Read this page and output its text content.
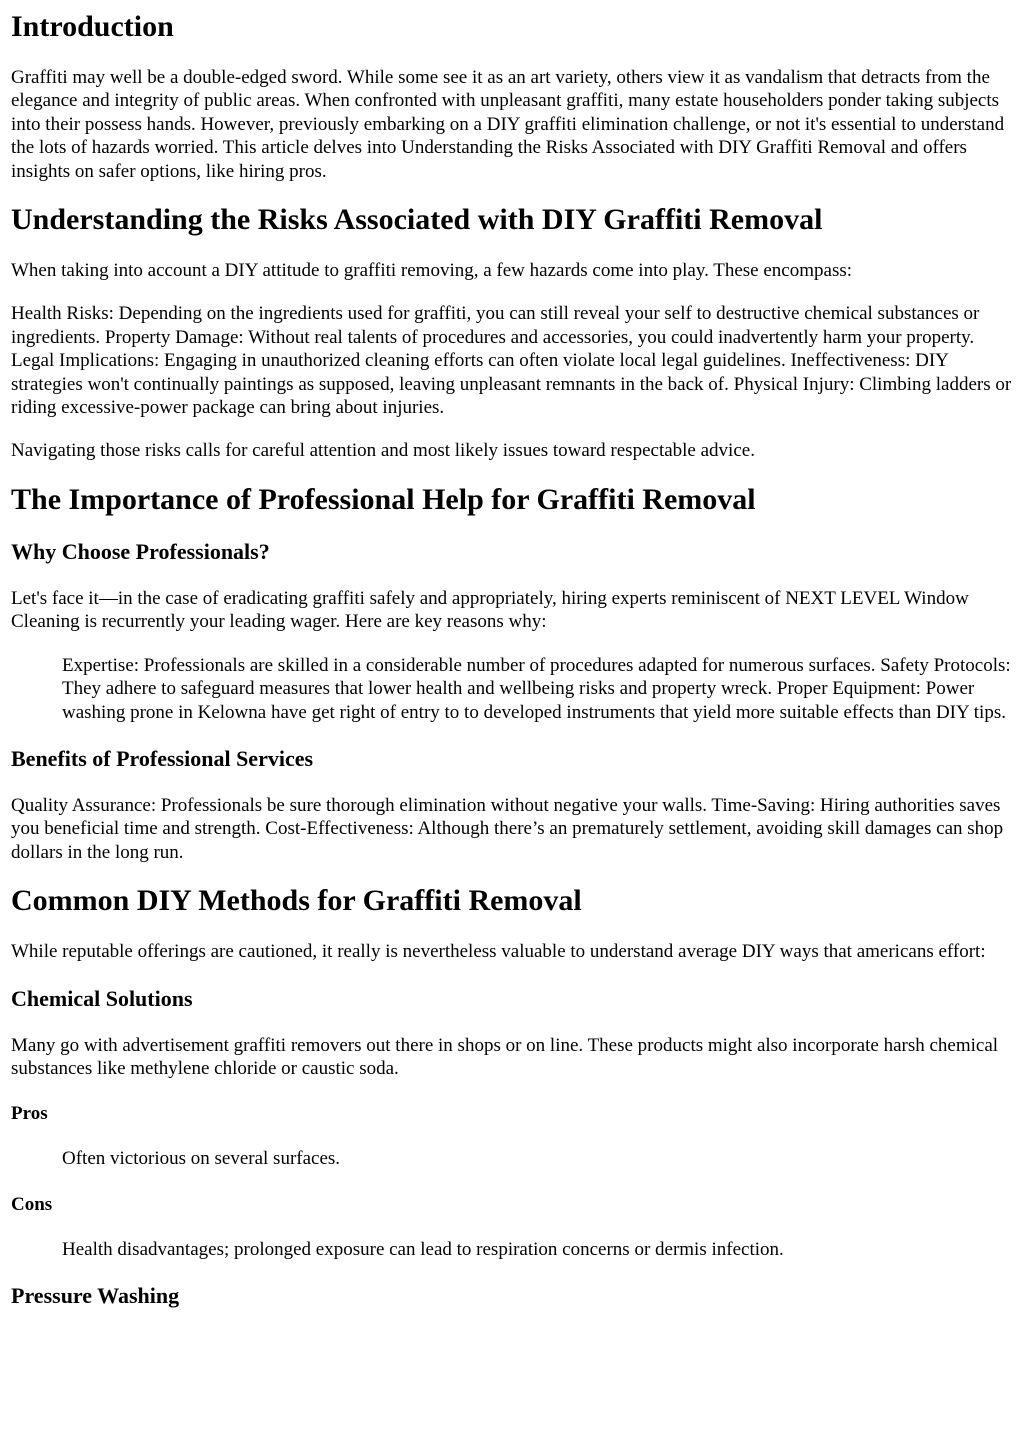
Introduction

Graffiti may well be a double-edged sword. While some see it as an art variety, others view it as vandalism that detracts from the elegance and integrity of public areas. When confronted with unpleasant graffiti, many estate householders ponder taking subjects into their possess hands. However, previously embarking on a DIY graffiti elimination challenge, or not it's essential to understand the lots of hazards worried. This article delves into Understanding the Risks Associated with DIY Graffiti Removal and offers insights on safer options, like hiring pros.

Understanding the Risks Associated with DIY Graffiti Removal

When taking into account a DIY attitude to graffiti removing, a few hazards come into play. These encompass:

Health Risks: Depending on the ingredients used for graffiti, you can still reveal your self to destructive chemical substances or ingredients. Property Damage: Without real talents of procedures and accessories, you could inadvertently harm your property. Legal Implications: Engaging in unauthorized cleaning efforts can often violate local legal guidelines. Ineffectiveness: DIY strategies won't continually paintings as supposed, leaving unpleasant remnants in the back of. Physical Injury: Climbing ladders or riding excessive-power package can bring about injuries.

Navigating those risks calls for careful attention and most likely issues toward respectable advice.

The Importance of Professional Help for Graffiti Removal
Why Choose Professionals?

Let's face it—in the case of eradicating graffiti safely and appropriately, hiring experts reminiscent of NEXT LEVEL Window Cleaning is recurrently your leading wager. Here are key reasons why:

Expertise: Professionals are skilled in a considerable number of procedures adapted for numerous surfaces. Safety Protocols: They adhere to safeguard measures that lower health and wellbeing risks and property wreck. Proper Equipment: Power washing prone in Kelowna have get right of entry to to developed instruments that yield more suitable effects than DIY tips.
Benefits of Professional Services

Quality Assurance: Professionals be sure thorough elimination without negative your walls. Time-Saving: Hiring authorities saves you beneficial time and strength. Cost-Effectiveness: Although there’s an prematurely settlement, avoiding skill damages can shop dollars in the long run.

Common DIY Methods for Graffiti Removal

While reputable offerings are cautioned, it really is nevertheless valuable to understand average DIY ways that americans effort:

Chemical Solutions

Many go with advertisement graffiti removers out there in shops or on line. These products might also incorporate harsh chemical substances like methylene chloride or caustic soda.

Pros
Often victorious on several surfaces.
Cons
Health disadvantages; prolonged exposure can lead to respiration concerns or dermis infection.
Pressure Washing
